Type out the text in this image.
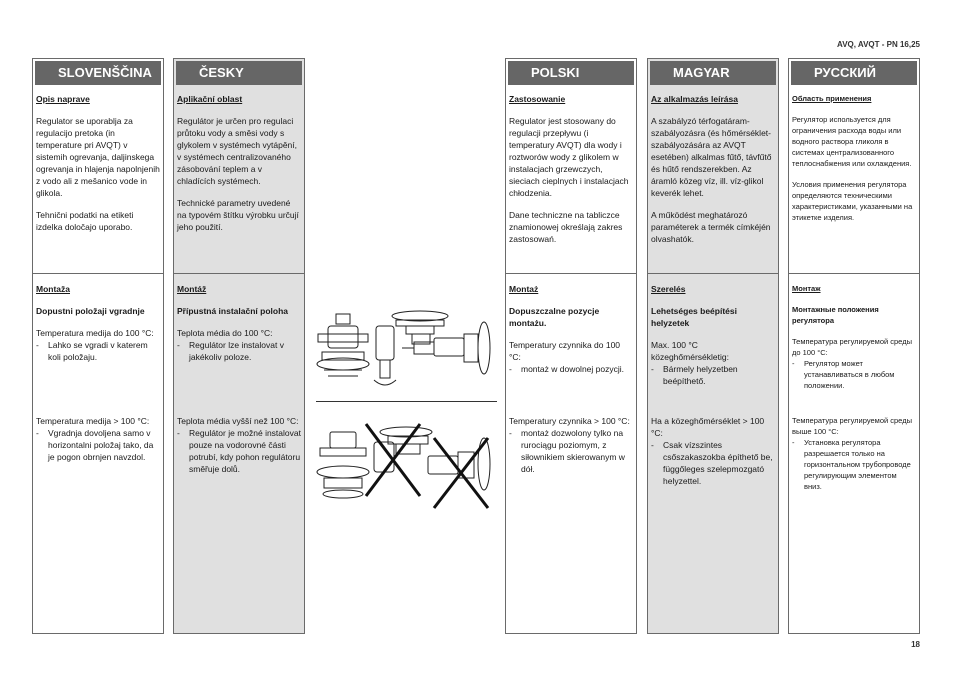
AVQ, AVQT - PN 16,25
SLOVENŠČINA
Opis naprave

Regulator se uporablja za regulacijo pretoka (in temperature pri AVQT) v sistemih ogrevanja, daljinskega ogrevanja in hlajenja napolnjenih z vodo ali z mešanico vode in glikola.

Tehnični podatki na etiketi izdelka določajo uporabo.

Montaža
Dopustni položaji vgradnje
Temperatura medija do 100 °C:
- Lahko se vgradi v katerem koli položaju.
Temperatura medija > 100 °C:
- Vgradnja dovoljena samo v horizontalni položaj tako, da je pogon obrnjen navzdol.
ČESKY
Aplikační oblast

Regulátor je určen pro regulaci průtoku vody a směsi vody s glykolem v systémech vytápění, v systémech centralizovaného zásobování teplem a v chladících systémech.

Technické parametry uvedené na typovém štítku výrobku určují jeho použití.

Montáž
Přípustná instalační poloha
Teplota média do 100 °C:
- Regulátor lze instalovat v jakékoliv poloze.
Teplota média vyšší než 100 °C:
- Regulátor je možné instalovat pouze na vodorovné části potrubí, kdy pohon regulátoru směřuje dolů.
POLSKI
Zastosowanie

Regulator jest stosowany do regulacji przepływu (i temperatury AVQT) dla wody i roztworów wody z glikolem w instalacjach grzewczych, sieciach cieplnych i instalacjach chłodzenia.

Dane techniczne na tabliczce znamionowej określają zakres zastosowań.

Montaż
Dopuszczalne pozycje montażu.
Temperatury czynnika do 100 °C:
- montaż w dowolnej pozycji.
Temperatury czynnika > 100 °C:
- montaż dozwolony tylko na rurociągu poziomym, z siłownikiem skierowanym w dół.
MAGYAR
Az alkalmazás leírása

A szabályzó térfogatáram-szabályozásra (és hőmérséklet-szabályozására az AVQT esetében) alkalmas fűtő, távfűtő és hűtő rendszerekben. Az áramló közeg víz, ill. víz-glikol keverék lehet.

A működést meghatározó paraméterek a termék címkéjén olvashatók.

Szerelés
Lehetséges beépítési helyzetek
Max. 100 °C közeghőmérsékletig:
- Bármely helyzetben beépíthető.
Ha a közeghőmérséklet > 100 °C:
- Csak vízszintes csőszakaszokba építhető be, függőleges szelepmozgató helyzettel.
РУССКИЙ
Область применения

Регулятор используется для ограничения расхода воды или водного раствора гликоля в системах централизованного теплоснабжения или охлаждения.

Условия применения регулятора определяются техническими характеристиками, указанными на этикетке изделия.

Монтаж
Монтажные положения регулятора
Температура регулируемой среды до 100 °C:
- Регулятор может устанавливаться в любом положении.
Температура регулируемой среды выше 100 °C:
- Установка регулятора разрешается только на горизонтальном трубопроводе регулирующим элементом вниз.
18
